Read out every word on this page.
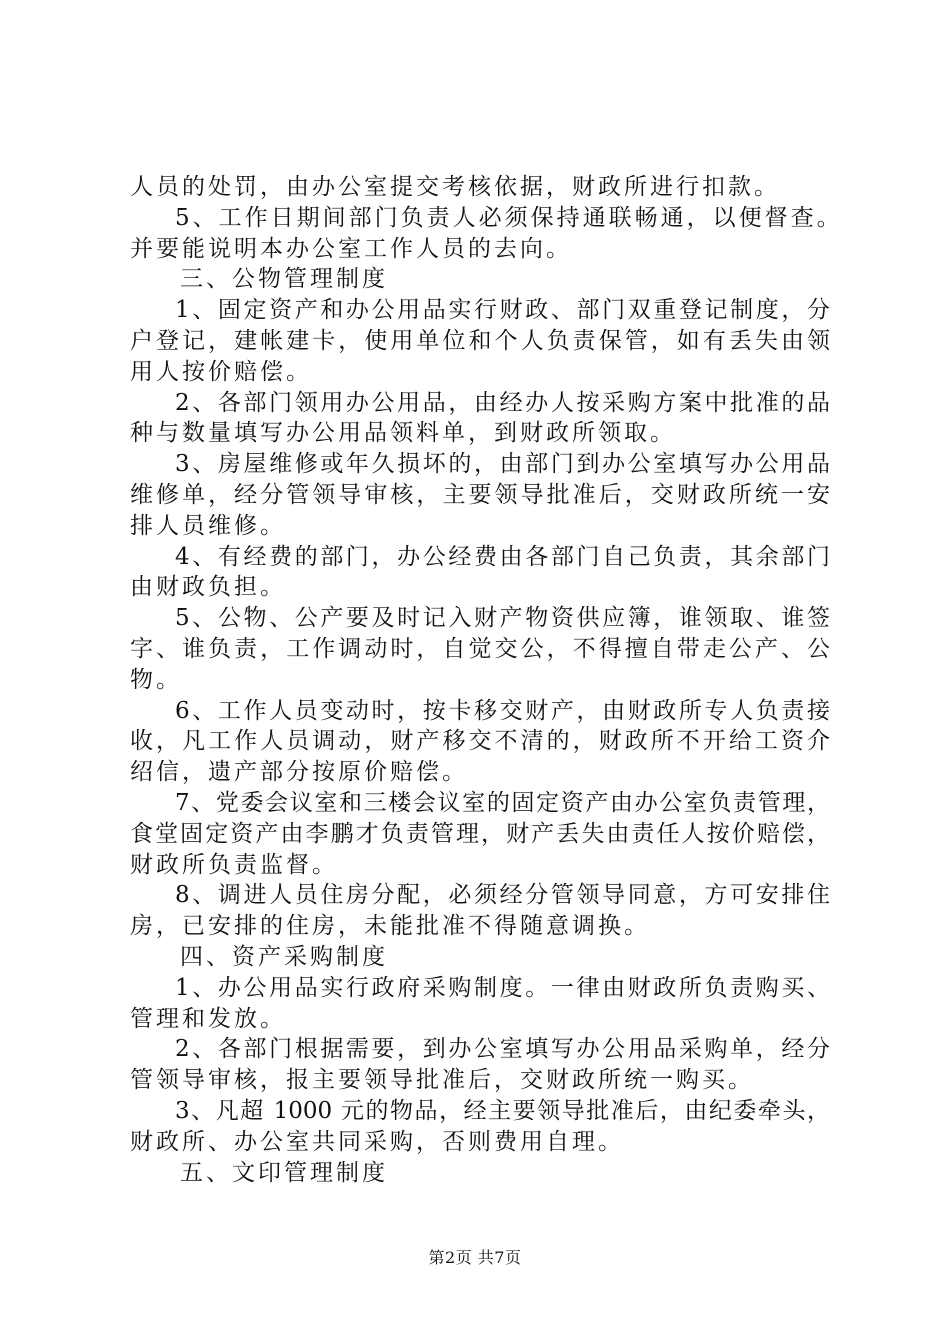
人员的处罚，由办公室提交考核依据，财政所进行扣款。
5、工作日期间部门负责人必须保持通联畅通，以便督查。
并要能说明本办公室工作人员的去向。
三、公物管理制度
1、固定资产和办公用品实行财政、部门双重登记制度，分
户登记，建帐建卡，使用单位和个人负责保管，如有丢失由领
用人按价赔偿。
2、各部门领用办公用品，由经办人按采购方案中批准的品
种与数量填写办公用品领料单，到财政所领取。
3、房屋维修或年久损坏的，由部门到办公室填写办公用品
维修单，经分管领导审核，主要领导批准后，交财政所统一安
排人员维修。
4、有经费的部门，办公经费由各部门自己负责，其余部门
由财政负担。
5、公物、公产要及时记入财产物资供应簿，谁领取、谁签
字、谁负责，工作调动时，自觉交公，不得擅自带走公产、公
物。
6、工作人员变动时，按卡移交财产，由财政所专人负责接
收，凡工作人员调动，财产移交不清的，财政所不开给工资介
绍信，遗产部分按原价赔偿。
7、党委会议室和三楼会议室的固定资产由办公室负责管理，
食堂固定资产由李鹏才负责管理，财产丢失由责任人按价赔偿，
财政所负责监督。
8、调进人员住房分配，必须经分管领导同意，方可安排住
房，已安排的住房，未能批准不得随意调换。
四、资产采购制度
1、办公用品实行政府采购制度。一律由财政所负责购买、
管理和发放。
2、各部门根据需要，到办公室填写办公用品采购单，经分
管领导审核，报主要领导批准后，交财政所统一购买。
3、凡超 1000 元的物品，经主要领导批准后，由纪委牵头，
财政所、办公室共同采购，否则费用自理。
五、文印管理制度
第2页 共7页
